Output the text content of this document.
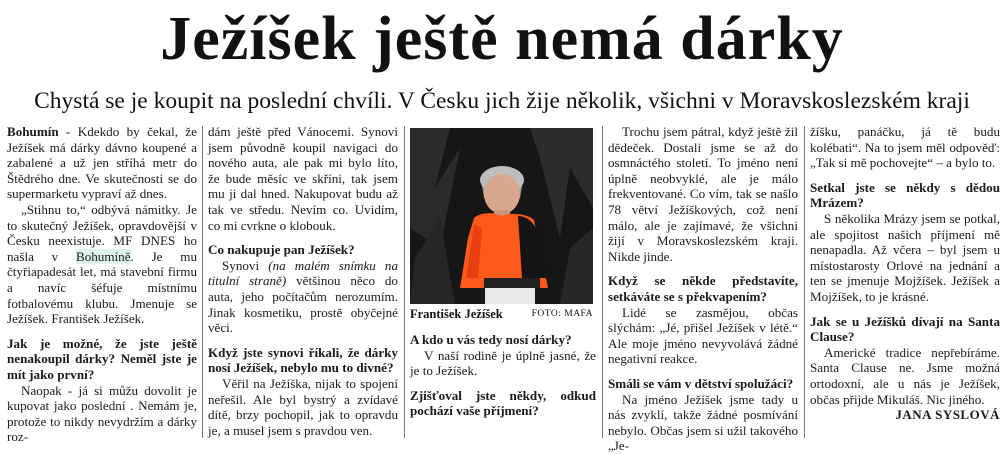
Ježíšek ještě nemá dárky
Chystá se je koupit na poslední chvíli. V Česku jich žije několik, všichni v Moravskoslezském kraji

Bohumín - Kdekdo by čekal, že Ježíšek má dárky dávno koupené a zabalené a už jen stříhá metr do Štědrého dne. Ve skutečnosti se do supermarketu vypraví až dnes.

„Stihnu to,“ odbývá námitky. Je to skutečný Ježíšek, opravdovější v Česku neexistuje. MF DNES ho našla v Bohumíně. Je mu čtyřiapadesát let, má stavební firmu a navíc šéfuje místnímu fotbalovému klubu. Jmenuje se Ježíšek. František Ježíšek.

Jak je možné, že jste ještě nenakoupil dárky? Neměl jste je mít jako první?

Naopak - já si můžu dovolit je kupovat jako poslední . Nemám je, protože to nikdy nevydržím a dárky roz-

dám ještě před Vánocemi. Synovi jsem původně koupil navigaci do nového auta, ale pak mi bylo líto, že bude měsíc ve skříni, tak jsem mu ji dal hned. Nakupovat budu až tak ve středu. Nevím co. Uvidím, co mi cvrkne o klobouk.

Co nakupuje pan Ježíšek?

Synovi (na malém snímku na titulní straně) většinou něco do auta, jeho počítačům nerozumím. Jinak kosmetiku, prostě obyčejné věci.

Když jste synovi říkali, že dárky nosí Ježíšek, nebylo mu to divné?

Věřil na Ježíška, nijak to spojení neřešil. Ale byl bystrý a zvídavé dítě, brzy pochopil, jak to opravdu je, a musel jsem s pravdou ven.

František Ježíšek	FOTO: MAFA

A kdo u vás tedy nosí dárky?

V naší rodině je úplně jasné, že je to Ježíšek.

Zjišťoval jste někdy, odkud pochází vaše příjmení?

Trochu jsem pátral, když ještě žil dědeček. Dostali jsme se až do osmnáctého století. To jméno není úplně neobvyklé, ale je málo frekventované. Co vím, tak se našlo 78 větví Ježíškových, což není málo, ale je zajímavé, že všichni žijí v Moravskoslezském kraji. Nikde jinde.

Když se někde představíte, setkáváte se s překvapením?

Lidé se zasmějou, občas slýchám: „Jé, přišel Ježíšek v létě.“ Ale moje jméno nevyvolává žádné negativní reakce.

Smáli se vám v dětství spolužáci?

Na jméno Ježíšek jsme tady u nás zvyklí, takže žádné posmívání nebylo. Občas jsem si užil takového „Je-

žíšku, panáčku, já tě budu kolébati“. Na to jsem měl odpověď: „Tak si mě pochovejte“ – a bylo to.

Setkal jste se někdy s dědou Mrázem?

S několika Mrázy jsem se potkal, ale spojitost našich příjmení mě nenapadla. Až včera – byl jsem u místostarosty Orlové na jednání a ten se jmenuje Mojžíšek. Ježíšek a Mojžíšek, to je krásné.

Jak se u Ježíšků dívají na Santa Clause?

Americké tradice nepřebíráme. Santa Clause ne. Jsme možná ortodoxní, ale u nás je Ježíšek, občas přijde Mikuláš. Nic jiného.

JANA SYSLOVÁ
